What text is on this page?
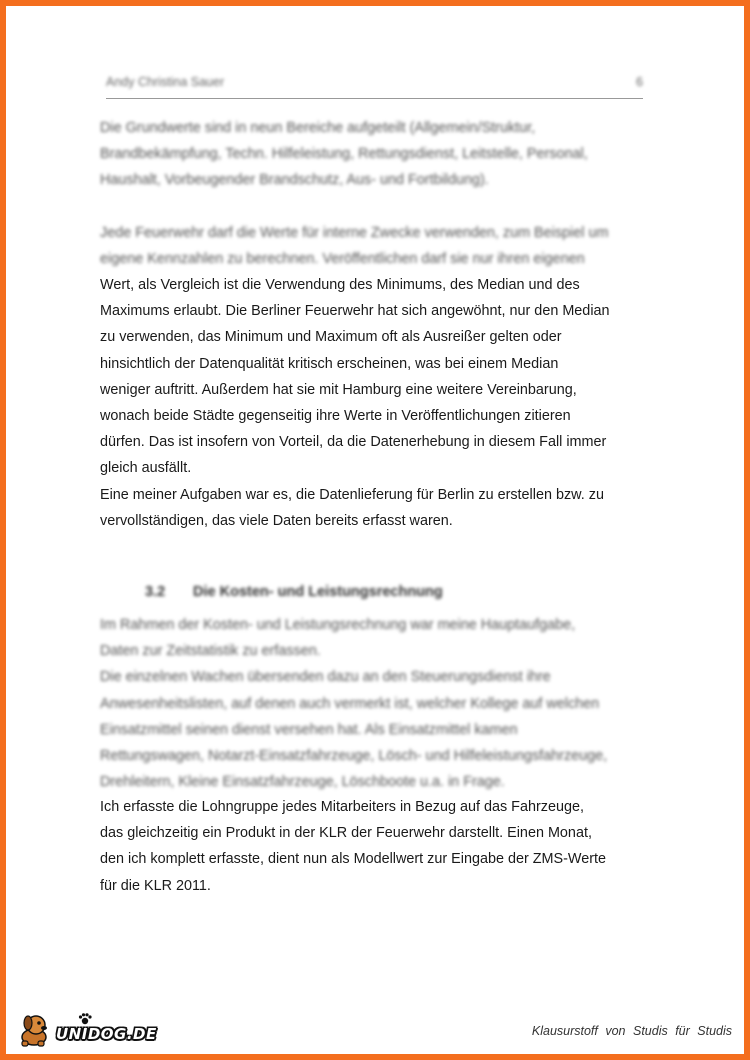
Andy Christina Sauer	6
Die Grundwerte sind in neun Bereiche aufgeteilt (Allgemein/Struktur,
Brandbekämpfung, Techn. Hilfeleistung, Rettungsdienst, Leitstelle, Personal,
Haushalt, Vorbeugender Brandschutz, Aus- und Fortbildung).
Jede Feuerwehr darf die Werte für interne Zwecke verwenden, zum Beispiel um
eigene Kennzahlen zu berechnen. Veröffentlichen darf sie nur ihren eigenen
Wert, als Vergleich ist die Verwendung des Minimums, des Median und des
Maximums erlaubt. Die Berliner Feuerwehr hat sich angewöhnt, nur den Median
zu verwenden, das Minimum und Maximum oft als Ausreißer gelten oder
hinsichtlich der Datenqualität kritisch erscheinen, was bei einem Median
weniger auftritt. Außerdem hat sie mit Hamburg eine weitere Vereinbarung,
wonach beide Städte gegenseitig ihre Werte in Veröffentlichungen zitieren
dürfen. Das ist insofern von Vorteil, da die Datenerhebung in diesem Fall immer
gleich ausfällt.
Eine meiner Aufgaben war es, die Datenlieferung für Berlin zu erstellen bzw. zu
vervollständigen, das viele Daten bereits erfasst waren.
3.2 Die Kosten- und Leistungsrechnung
Im Rahmen der Kosten- und Leistungsrechnung war meine Hauptaufgabe,
Daten zur Zeitstatistik zu erfassen.
Die einzelnen Wachen übersenden dazu an den Steuerungsdienst ihre
Anwesenheitslisten, auf denen auch vermerkt ist, welcher Kollege auf welchen
Einsatzmittel seinen dienst versehen hat. Als Einsatzmittel kamen
Rettungswagen, Notarzt-Einsatzfahrzeuge, Lösch- und Hilfeleistungsfahrzeuge,
Drehleitern, Kleine Einsatzfahrzeuge, Löschboote u.a. in Frage.
Ich erfasste die Lohngruppe jedes Mitarbeiters in Bezug auf das Fahrzeuge,
das gleichzeitig ein Produkt in der KLR der Feuerwehr darstellt. Einen Monat,
den ich komplett erfasste, dient nun als Modellwert zur Eingabe der ZMS-Werte
für die KLR 2011.
UNIDOG.DE	Klausurstoff von Studis für Studis
